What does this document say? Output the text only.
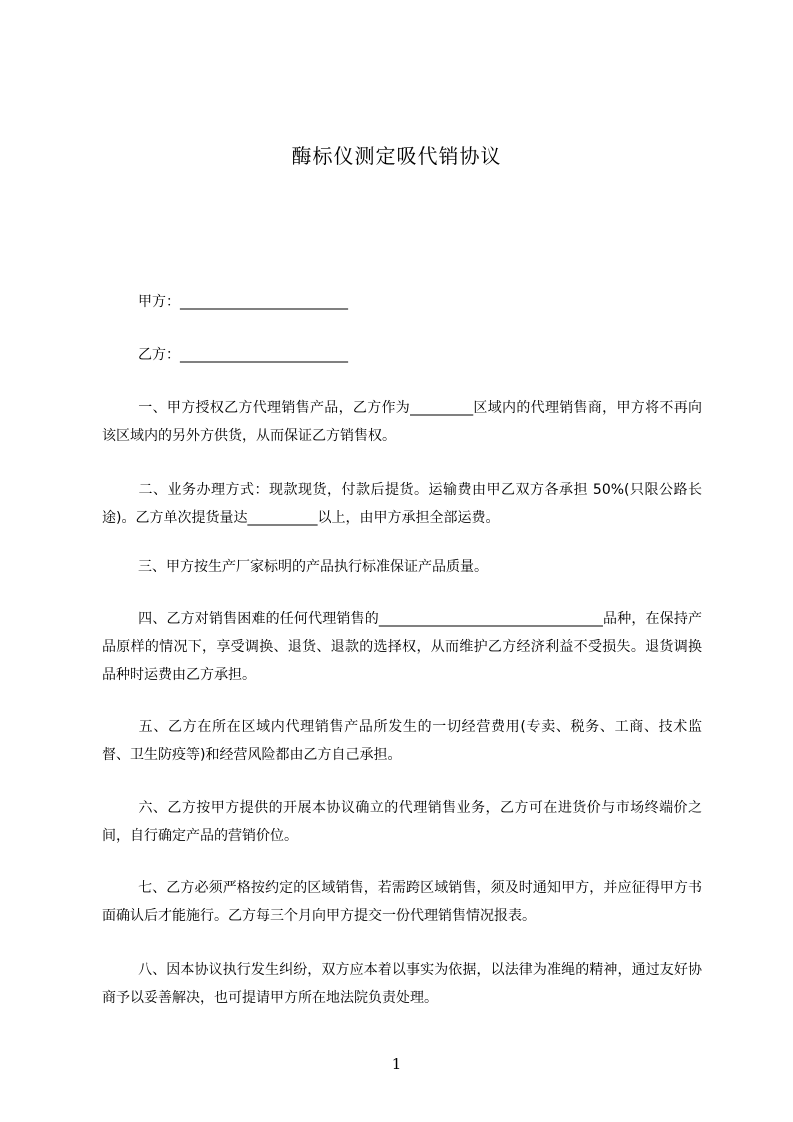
酶标仪测定吸代销协议
甲方：________________________
乙方：________________________

一、甲方授权乙方代理销售产品，乙方作为_________区域内的代理销售商，甲方将不再向该区域内的另外方供货，从而保证乙方销售权。

二、业务办理方式：现款现货，付款后提货。运输费由甲乙双方各承担 50%(只限公路长途)。乙方单次提货量达__________以上，由甲方承担全部运费。

三、甲方按生产厂家标明的产品执行标准保证产品质量。

四、乙方对销售困难的任何代理销售的________________________________品种，在保持产品原样的情况下，享受调换、退货、退款的选择权，从而维护乙方经济利益不受损失。退货调换品种时运费由乙方承担。

五、乙方在所在区域内代理销售产品所发生的一切经营费用(专卖、税务、工商、技术监督、卫生防疫等)和经营风险都由乙方自己承担。

六、乙方按甲方提供的开展本协议确立的代理销售业务，乙方可在进货价与市场终端价之间，自行确定产品的营销价位。

七、乙方必须严格按约定的区域销售，若需跨区域销售，须及时通知甲方，并应征得甲方书面确认后才能施行。乙方每三个月向甲方提交一份代理销售情况报表。

八、因本协议执行发生纠纷，双方应本着以事实为依据，以法律为准绳的精神，通过友好协商予以妥善解决，也可提请甲方所在地法院负责处理。

1
